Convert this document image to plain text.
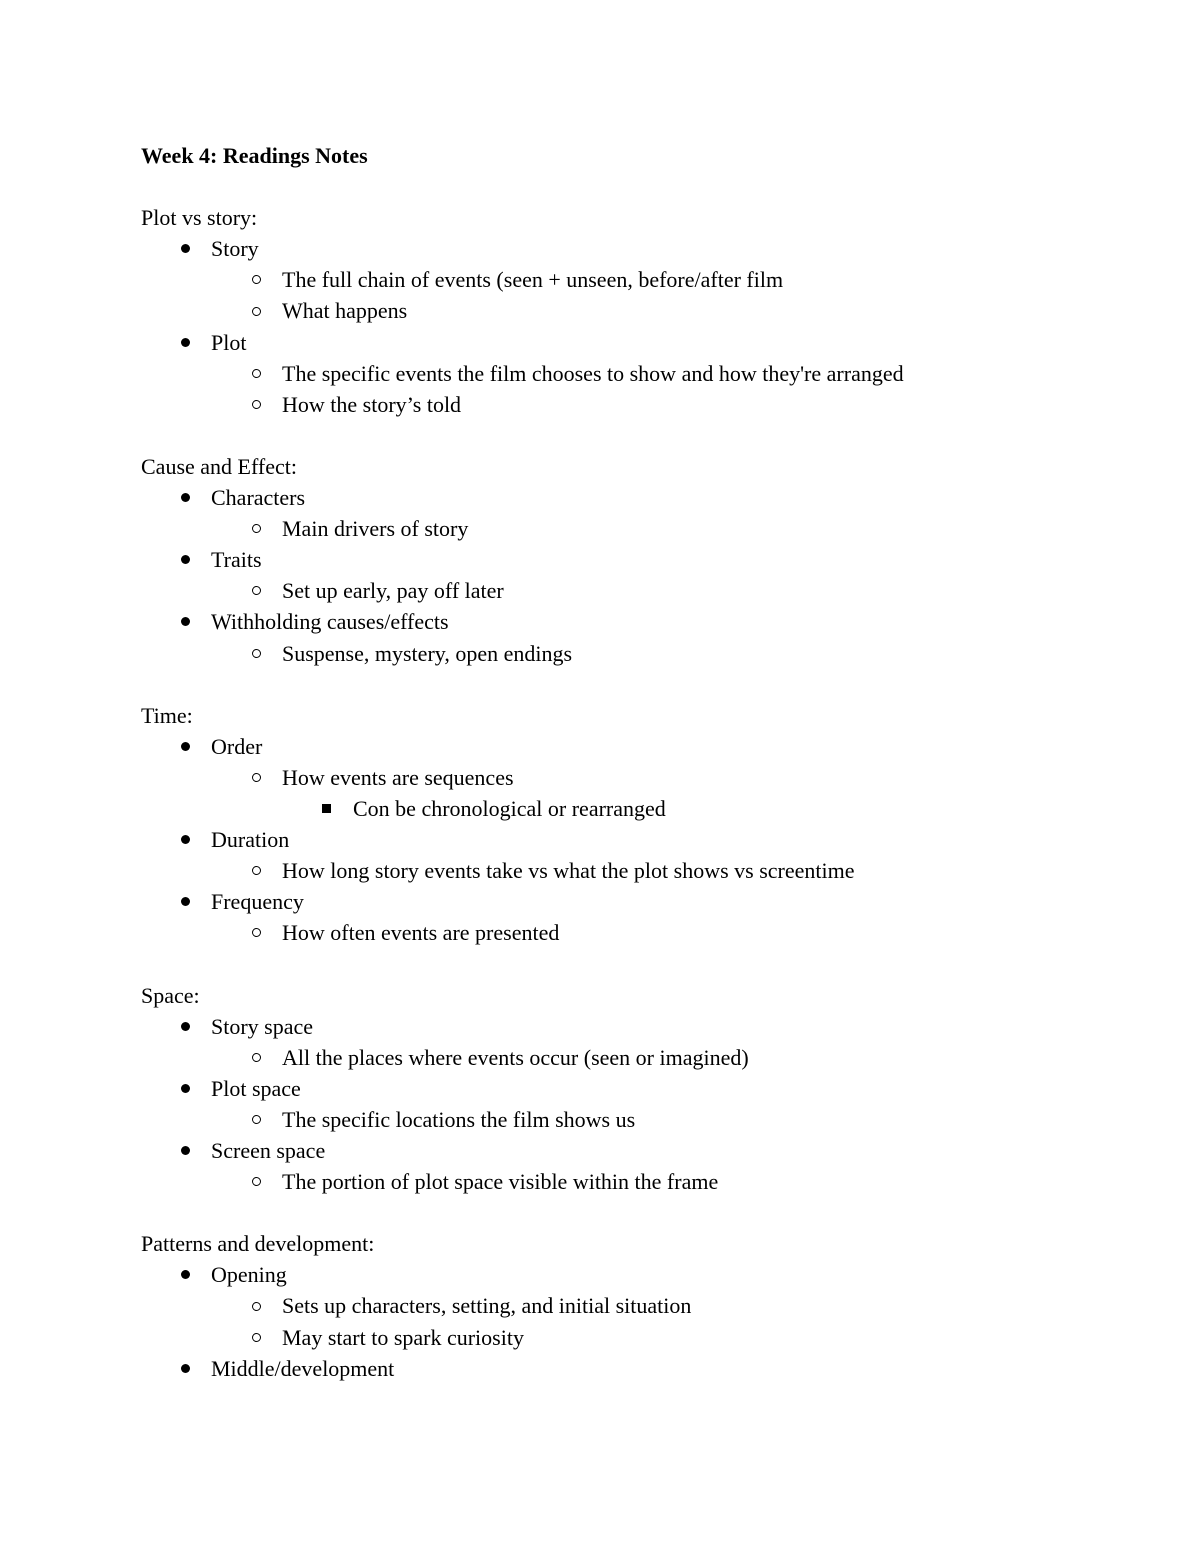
Week 4: Readings Notes
Plot vs story:
Story
The full chain of events (seen + unseen, before/after film
What happens
Plot
The specific events the film chooses to show and how they're arranged
How the story’s told
Cause and Effect:
Characters
Main drivers of story
Traits
Set up early, pay off later
Withholding causes/effects
Suspense, mystery, open endings
Time:
Order
How events are sequences
Con be chronological or rearranged
Duration
How long story events take vs what the plot shows vs screentime
Frequency
How often events are presented
Space:
Story space
All the places where events occur (seen or imagined)
Plot space
The specific locations the film shows us
Screen space
The portion of plot space visible within the frame
Patterns and development:
Opening
Sets up characters, setting, and initial situation
May start to spark curiosity
Middle/development
